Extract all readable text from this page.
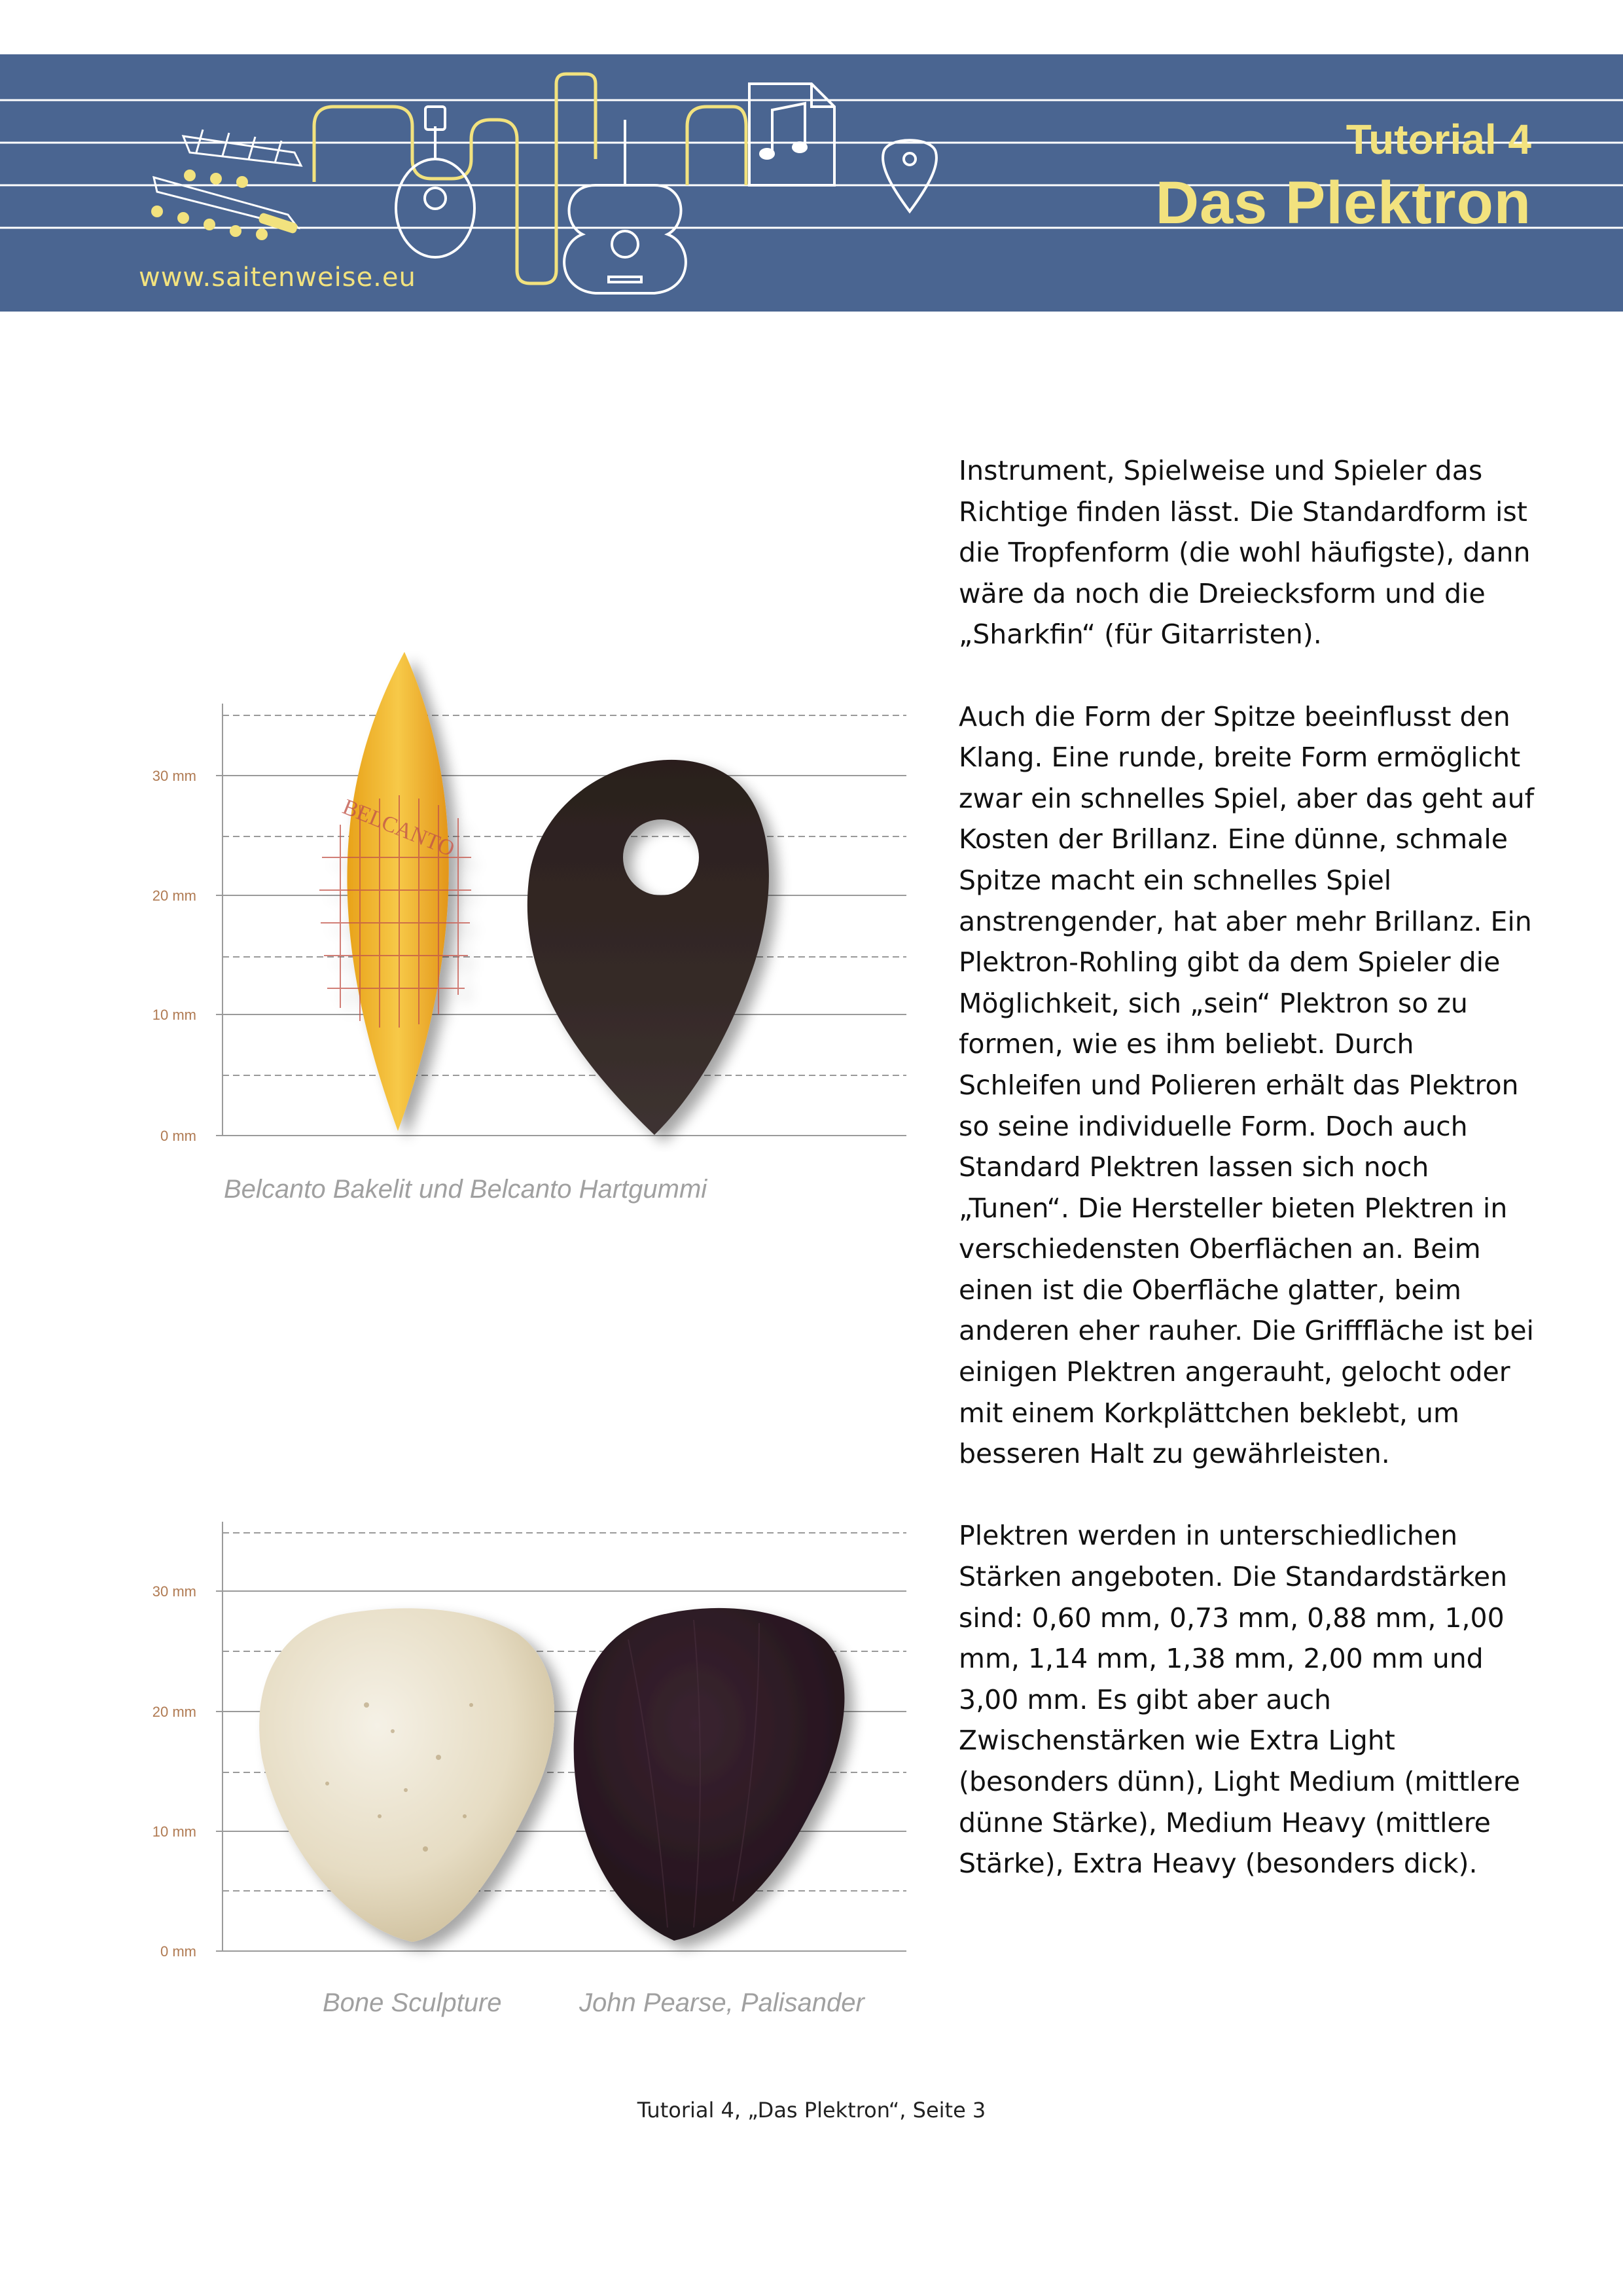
Tutorial 4
Das Plektron
www.saitenweise.eu
30 mm
20 mm
10 mm
0 mm
BELCANTO
Belcanto Bakelit und Belcanto Hartgummi
30 mm
20 mm
10 mm
0 mm
Bone Sculpture	John Pearse, Palisander

Instrument, Spielweise und Spieler das Richtige finden lässt. Die Standardform ist die Tropfenform (die wohl häufigste), dann wäre da noch die Dreiecksform und die „Sharkfin“ (für Gitarristen).

Auch die Form der Spitze beeinflusst den Klang. Eine runde, breite Form ermöglicht zwar ein schnelles Spiel, aber das geht auf Kosten der Brillanz. Eine dünne, schmale Spitze macht ein schnelles Spiel anstrengender, hat aber mehr Brillanz. Ein Plektron-Rohling gibt da dem Spieler die Möglichkeit, sich „sein“ Plektron so zu formen, wie es ihm beliebt. Durch Schleifen und Polieren erhält das Plektron so seine individuelle Form. Doch auch Standard Plektren lassen sich noch „Tunen“. Die Hersteller bieten Plektren in verschiedensten Oberflächen an. Beim einen ist die Oberfläche glatter, beim anderen eher rauher. Die Grifffläche ist bei einigen Plektren angerauht, gelocht oder mit einem Korkplättchen beklebt, um besseren Halt zu gewährleisten.

Plektren werden in unterschiedlichen Stärken angeboten. Die Standardstärken sind: 0,60 mm, 0,73 mm, 0,88 mm, 1,00 mm, 1,14 mm, 1,38 mm, 2,00 mm und 3,00 mm. Es gibt aber auch Zwischenstärken wie Extra Light (besonders dünn), Light Medium (mittlere dünne Stärke), Medium Heavy (mittlere Stärke), Extra Heavy (besonders dick).

Tutorial 4, „Das Plektron“, Seite 3
